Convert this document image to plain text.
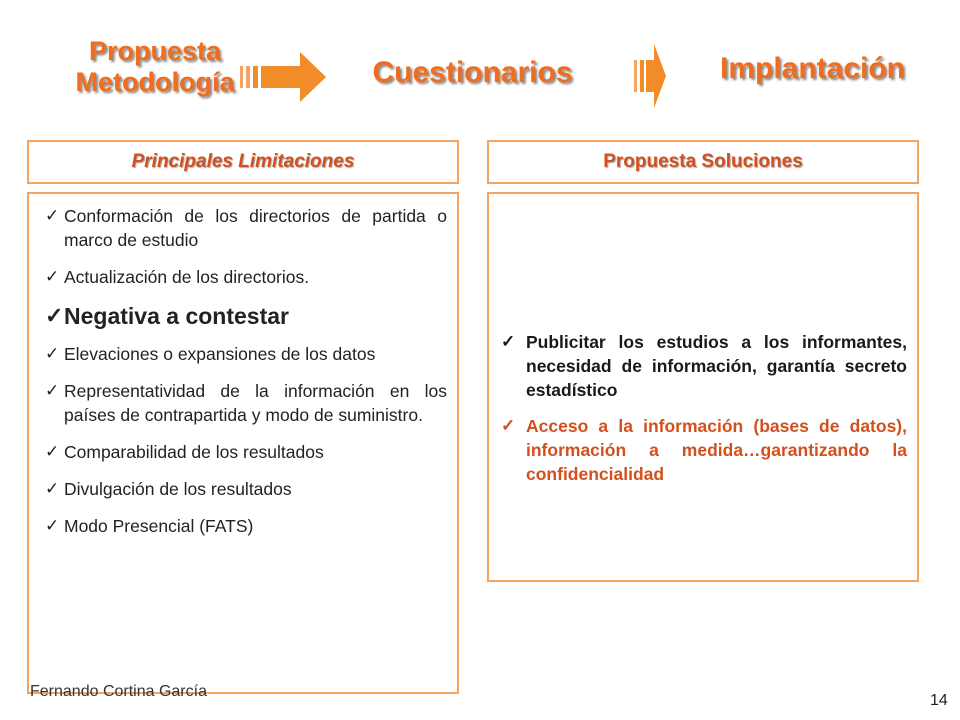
Propuesta
Metodología	Cuestionarios	Implantación
Principales Limitaciones
✓ Conformación de los directorios de partida o marco de estudio
✓ Actualización de los directorios.
✓ Negativa a contestar
✓ Elevaciones o expansiones de los datos
✓ Representatividad de la información en los países de contrapartida y modo de suministro.
✓ Comparabilidad de los resultados
✓ Divulgación de los resultados
✓ Modo Presencial (FATS)
Propuesta Soluciones
✓ Publicitar los estudios a los informantes, necesidad de información, garantía secreto estadístico
✓ Acceso a la información (bases de datos), información a medida…garantizando la confidencialidad
Fernando Cortina García
14
